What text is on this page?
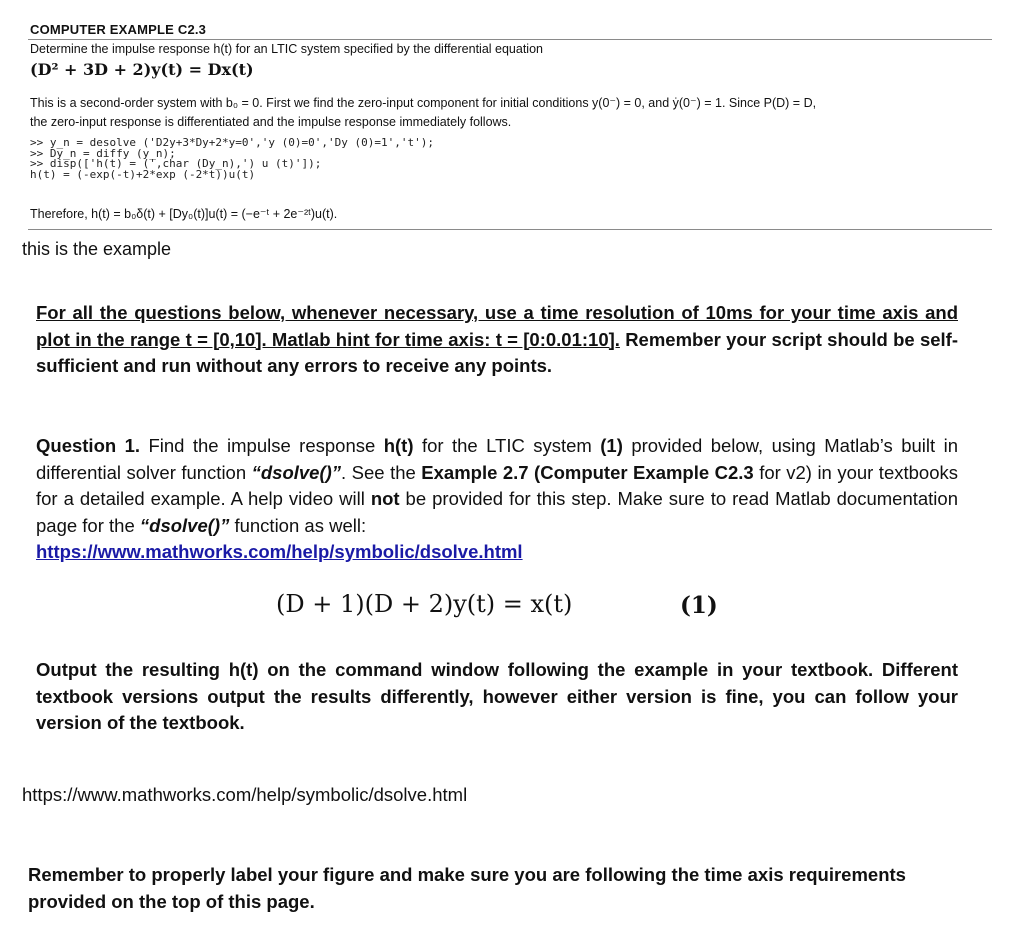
COMPUTER EXAMPLE C2.3
Determine the impulse response h(t) for an LTIC system specified by the differential equation
(D² + 3D + 2)y(t) = Dx(t)
This is a second-order system with b₀ = 0. First we find the zero-input component for initial conditions y(0⁻) = 0, and ẏ(0⁻) = 1. Since P(D) = D,
the zero-input response is differentiated and the impulse response immediately follows.
>> y_n = desolve ('D2y+3*Dy+2*y=0','y (0)=0','Dy (0)=1','t');
>> Dy_n = diffy (y_n);
>> disp(['h(t) = (',char (Dy_n),') u (t)']);
h(t) = (-exp(-t)+2*exp (-2*t))u(t)
Therefore, h(t) = b₀δ(t) + [Dy₀(t)]u(t) = (−e⁻ᵗ + 2e⁻²ᵗ)u(t).
this is the example
For all the questions below, whenever necessary, use a time resolution of 10ms for your time axis and plot in the range t = [0,10]. Matlab hint for time axis: t = [0:0.01:10]. Remember your script should be self-sufficient and run without any errors to receive any points.
Question 1. Find the impulse response h(t) for the LTIC system (1) provided below, using Matlab’s built in differential solver function “dsolve()”. See the Example 2.7 (Computer Example C2.3 for v2) in your textbooks for a detailed example. A help video will not be provided for this step. Make sure to read Matlab documentation page for the “dsolve()” function as well:
https://www.mathworks.com/help/symbolic/dsolve.html
(D + 1)(D + 2)y(t) = x(t)	(1)
Output the resulting h(t) on the command window following the example in your textbook. Different textbook versions output the results differently, however either version is fine, you can follow your version of the textbook.
https://www.mathworks.com/help/symbolic/dsolve.html
Remember to properly label your figure and make sure you are following the time axis requirements provided on the top of this page.
